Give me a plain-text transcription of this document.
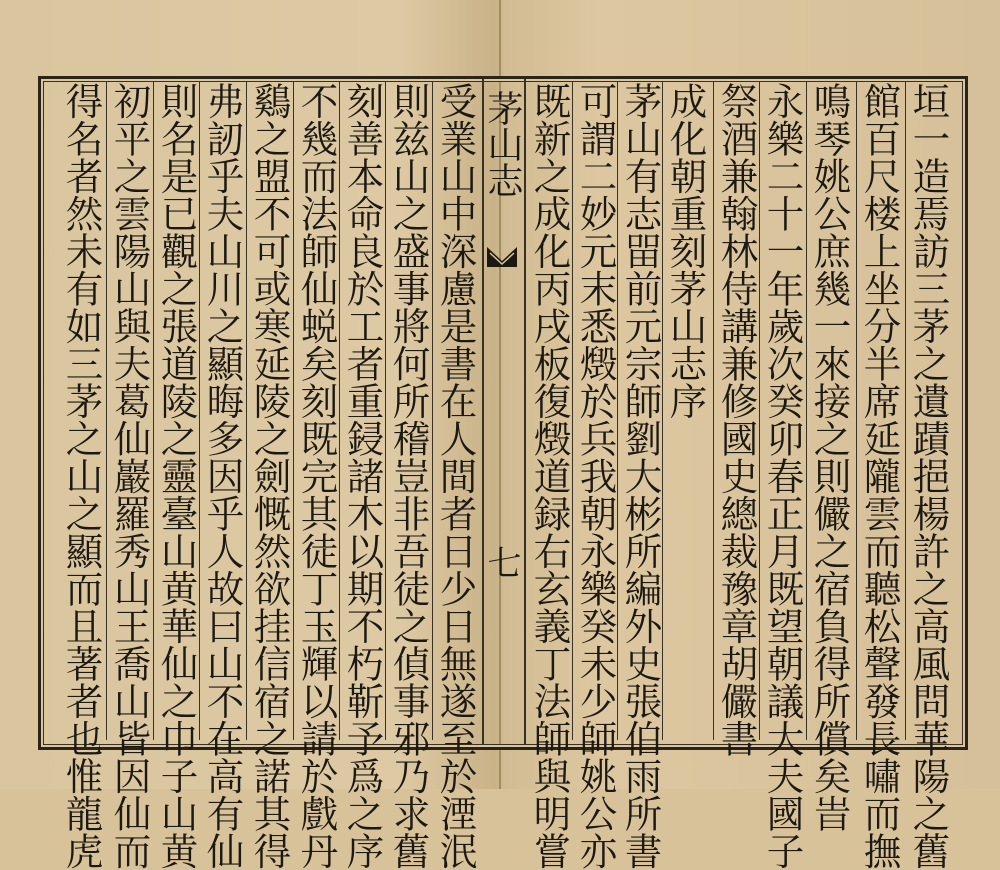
垣一造焉訪三茅之遺蹟挹楊許之高風問華陽之舊
館百尺楼上坐分半席延隴雲而聽松聲發長嘯而撫
鳴琴姚公庶幾一來接之則儼之宿負得所償矣旹
永樂二十一年歲次癸卯春正月既望朝議大夫國子
祭酒兼翰林侍講兼修國史總裁豫章胡儼書
成化朝重刻茅山志序
茅山有志㽞前元宗師劉大彬所編外史張伯雨所書
可謂二妙元末悉燬於兵我朝永樂癸未少師姚公亦
既新之成化丙戌板復燬道録右玄義丁法師與明嘗
茅山志
七
受業山中深慮是書在人間者日少日無遂至於湮泯
則兹山之盛事將何所稽豈非吾徒之偵事邪乃求舊
刻善本命良於工者重鋟諸木以期不朽靳予爲之序
不幾而法師仙蜕矣刻既完其徒丁玉輝以請於戲丹
鷄之盟不可或寒延陵之劍慨然欲挂信宿之諾其得
弗訒乎夫山川之顯晦多因乎人故曰山不在高有仙
則名是已觀之張道陵之靈臺山黄華仙之巾子山黄
初平之雲陽山與夫葛仙巖羅秀山王喬山皆因仙而
得名者然未有如三茅之山之顯而且著者也惟龍虎
